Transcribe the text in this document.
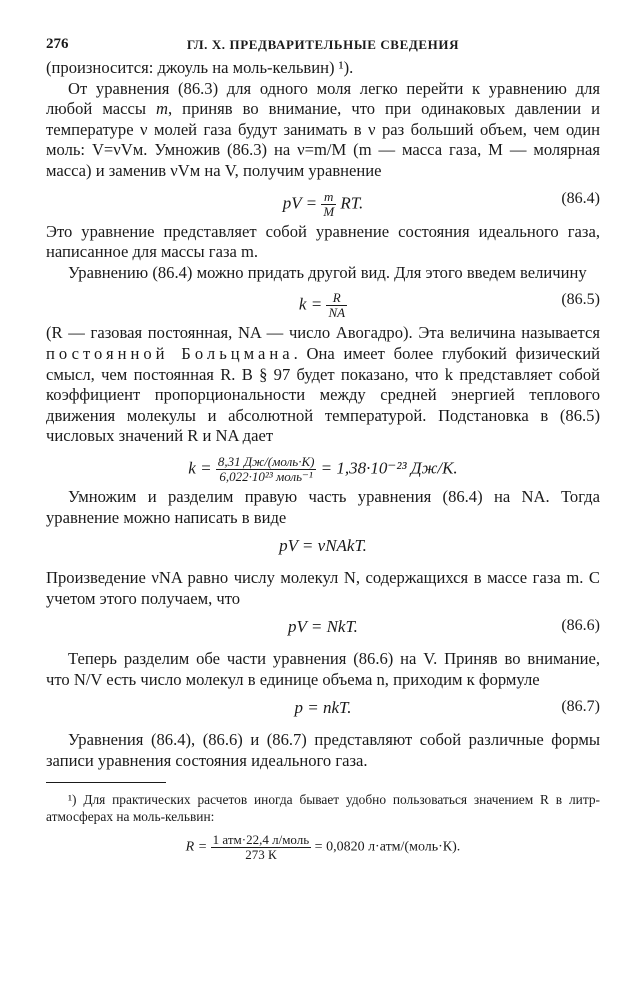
276	ГЛ. X. ПРЕДВАРИТЕЛЬНЫЕ СВЕДЕНИЯ

(произносится: джоуль на моль-кельвин) ¹).

От уравнения (86.3) для одного моля легко перейти к уравнению для любой массы m, приняв во внимание, что при одинаковых давлении и температуре ν молей газа будут занимать в ν раз больший объем, чем один моль: V=νVм. Умножив (86.3) на ν=m/M (m — масса газа, M — молярная масса) и заменив νVм на V, получим уравнение

pV = $\frac{m}{M}$ RT.	(86.4)

Это уравнение представляет собой уравнение состояния идеального газа, написанное для массы газа m.

Уравнению (86.4) можно придать другой вид. Для этого введем величину

$k = \frac{R}{NA}$	(86.5)

(R — газовая постоянная, NA — число Авогадро). Эта величина называется постоянной Больцмана. Она имеет более глубокий физический смысл, чем постоянная R. В § 97 будет показано, что k представляет собой коэффициент пропорциональности между средней энергией теплового движения молекулы и абсолютной температурой. Подстановка в (86.5) числовых значений R и NA дает

$k = \frac{\text{8,31 Дж/(моль·К)}}{\text{6,022·10²³ моль⁻¹}} = 1,38\cdot 10^{-23}$ Дж/К.

Умножим и разделим правую часть уравнения (86.4) на NA. Тогда уравнение можно написать в виде

pV = νNAkT.

Произведение νNA равно числу молекул N, содержащихся в массе газа m. С учетом этого получаем, что

pV = NkT.	(86.6)

Теперь разделим обе части уравнения (86.6) на V. Приняв во внимание, что N/V есть число молекул в единице объема n, приходим к формуле

p = nkT.	(86.7)

Уравнения (86.4), (86.6) и (86.7) представляют собой различные формы записи уравнения состояния идеального газа.

¹) Для практических расчетов иногда бывает удобно пользоваться значением R в литр-атмосферах на моль-кельвин:

$R = \frac{\text{1 атм·22,4 л/моль}}{273 К} = 0,0820$ л·атм/(моль·К).
